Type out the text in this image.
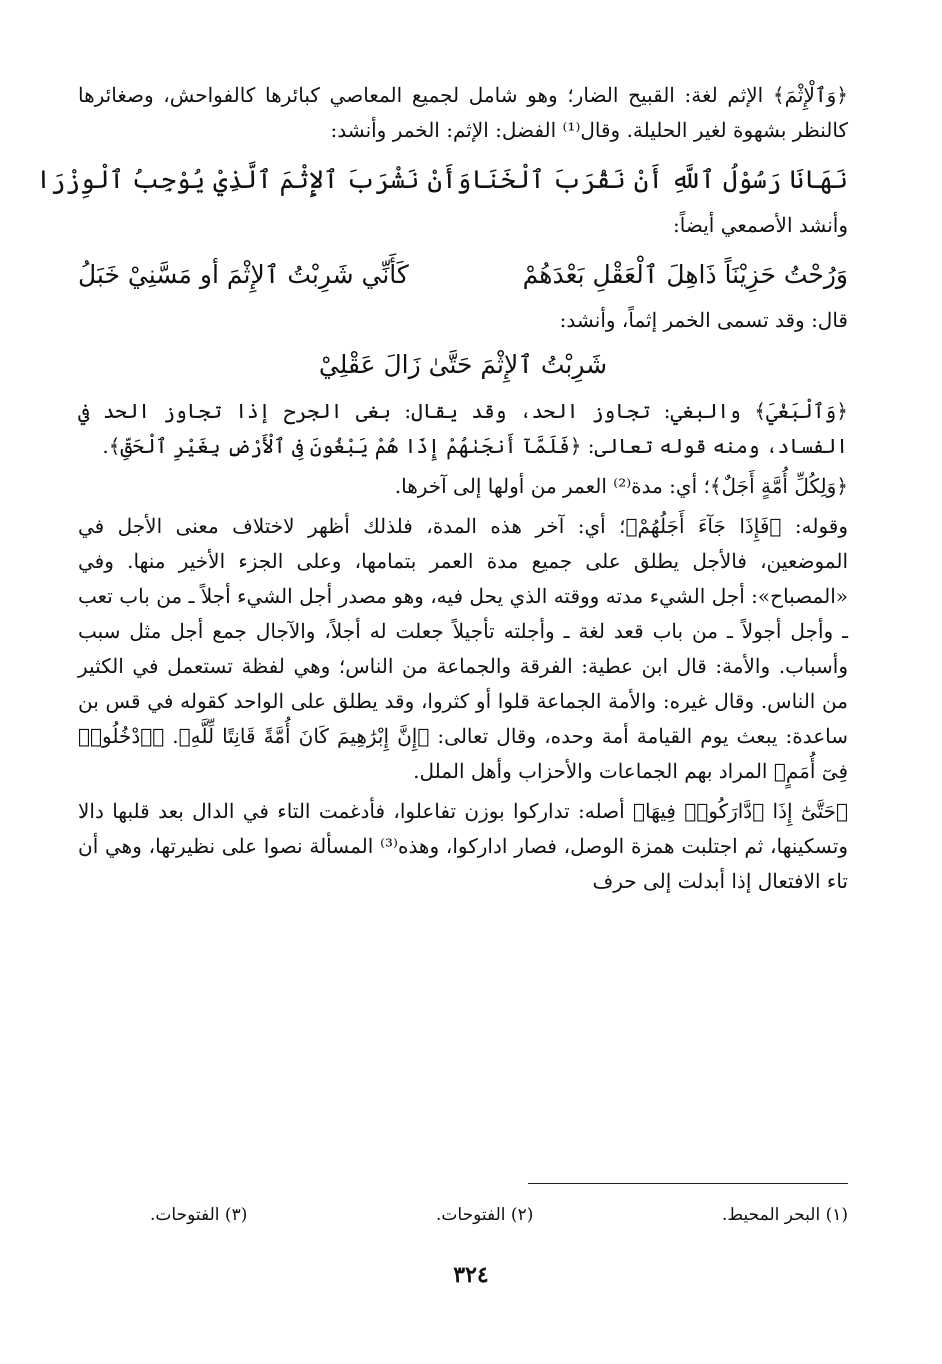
﴿وَٱلْإِثْمَ﴾ الإثم لغة: القبيح الضار؛ وهو شامل لجميع المعاصي كبائرها كالفواحش، وصغائرها كالنظر بشهوة لغير الحليلة. وقال⁽¹⁾ الفضل: الإثم: الخمر وأنشد:

نَهَانَا رَسُوْلُ ٱللَّهِ أَنْ نَقْرَبَ ٱلْخَنَا
وَأَنْ نَشْرَبَ ٱلإِثْمَ ٱلَّذِيْ يُوْجِبُ ٱلْوِزْرَا

وأنشد الأصمعي أيضاً:

وَرُحْتُ حَزِيْنَاً ذَاهِلَ ٱلْعَقْلِ بَعْدَهُمْ
كَأَنِّي شَرِبْتُ ٱلإِثْمَ أو مَسَّنِيْ خَبَلُ

قال: وقد تسمى الخمر إثماً، وأنشد:

شَرِبْتُ ٱلإِثْمَ حَتَّىٰ زَالَ عَقْلِيْ

﴿وَٱلْبَغْيَ﴾ والبغي: تجاوز الحد، وقد يقال: بغى الجرح إذا تجاوز الحد في الفساد، ومنه قوله تعالى: ﴿فَلَمَّآ أَنجَىٰهُمْ إِذَا هُمْ يَبْغُونَ فِى ٱلْأَرْضِ بِغَيْرِ ٱلْحَقِّ﴾.

﴿وَلِكُلِّ أُمَّةٍ أَجَلٌ﴾؛ أي: مدة⁽²⁾ العمر من أولها إلى آخرها.

وقوله: ﴿فَإِذَا جَآءَ أَجَلُهُمْ﴾؛ أي: آخر هذه المدة، فلذلك أظهر لاختلاف معنى الأجل في الموضعين، فالأجل يطلق على جميع مدة العمر بتمامها، وعلى الجزء الأخير منها. وفي «المصباح»: أجل الشيء مدته ووقته الذي يحل فيه، وهو مصدر أجل الشيء أجلاً ـ من باب تعب ـ وأجل أجولاً ـ من باب قعد لغة ـ وأجلته تأجيلاً جعلت له أجلاً، والآجال جمع أجل مثل سبب وأسباب. والأمة: قال ابن عطية: الفرقة والجماعة من الناس؛ وهي لفظة تستعمل في الكثير من الناس. وقال غيره: والأمة الجماعة قلوا أو كثروا، وقد يطلق على الواحد كقوله في قس بن ساعدة: يبعث يوم القيامة أمة وحده، وقال تعالى: ﴿إِنَّ إِبْرَٰهِيمَ كَانَ أُمَّةً قَانِتًا لِّلَّهِ﴾. ﴿ٱدْخُلُوا۟ فِىٓ أُمَمٍ﴾ المراد بهم الجماعات والأحزاب وأهل الملل.

﴿حَتَّىٰٓ إِذَا ٱدَّارَكُوا۟ فِيهَا﴾ أصله: تداركوا بوزن تفاعلوا، فأدغمت التاء في الدال بعد قلبها دالا وتسكينها، ثم اجتلبت همزة الوصل، فصار اداركوا، وهذه⁽³⁾ المسألة نصوا على نظيرتها، وهي أن تاء الافتعال إذا أبدلت إلى حرف

(١) البحر المحيط.
(٢) الفتوحات.
(٣) الفتوحات.
٣٢٤
